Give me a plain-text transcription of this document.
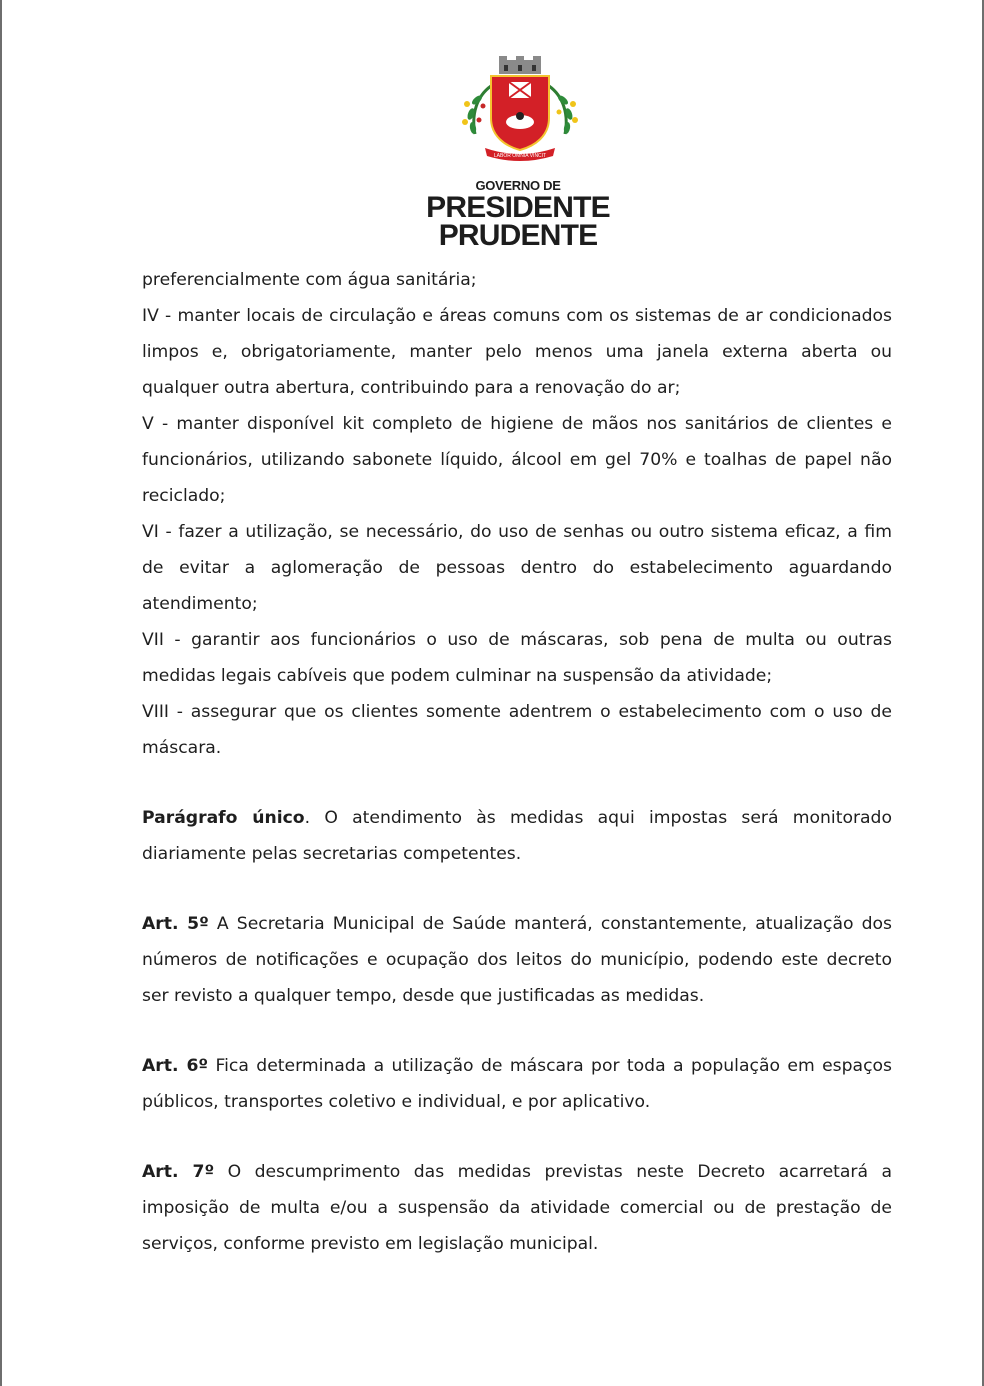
LABOR OMNIA VINCIT
GOVERNO DE
PRESIDENTE
PRUDENTE
preferencialmente com água sanitária;
IV - manter locais de circulação e áreas comuns com os sistemas de ar condicionados
limpos e, obrigatoriamente, manter pelo menos uma janela externa aberta ou
qualquer outra abertura, contribuindo para a renovação do ar;
V - manter disponível kit completo de higiene de mãos nos sanitários de clientes e
funcionários, utilizando sabonete líquido, álcool em gel 70% e toalhas de papel não
reciclado;
VI - fazer a utilização, se necessário, do uso de senhas ou outro sistema eficaz, a fim
de evitar a aglomeração de pessoas dentro do estabelecimento aguardando
atendimento;
VII - garantir aos funcionários o uso de máscaras, sob pena de multa ou outras
medidas legais cabíveis que podem culminar na suspensão da atividade;
VIII - assegurar que os clientes somente adentrem o estabelecimento com o uso de
máscara.
Parágrafo único. O atendimento às medidas aqui impostas será monitorado
diariamente pelas secretarias competentes.
Art. 5º A Secretaria Municipal de Saúde manterá, constantemente, atualização dos
números de notificações e ocupação dos leitos do município, podendo este decreto
ser revisto a qualquer tempo, desde que justificadas as medidas.
Art. 6º Fica determinada a utilização de máscara por toda a população em espaços
públicos, transportes coletivo e individual, e por aplicativo.
Art. 7º O descumprimento das medidas previstas neste Decreto acarretará a
imposição de multa e/ou a suspensão da atividade comercial ou de prestação de
serviços, conforme previsto em legislação municipal.
